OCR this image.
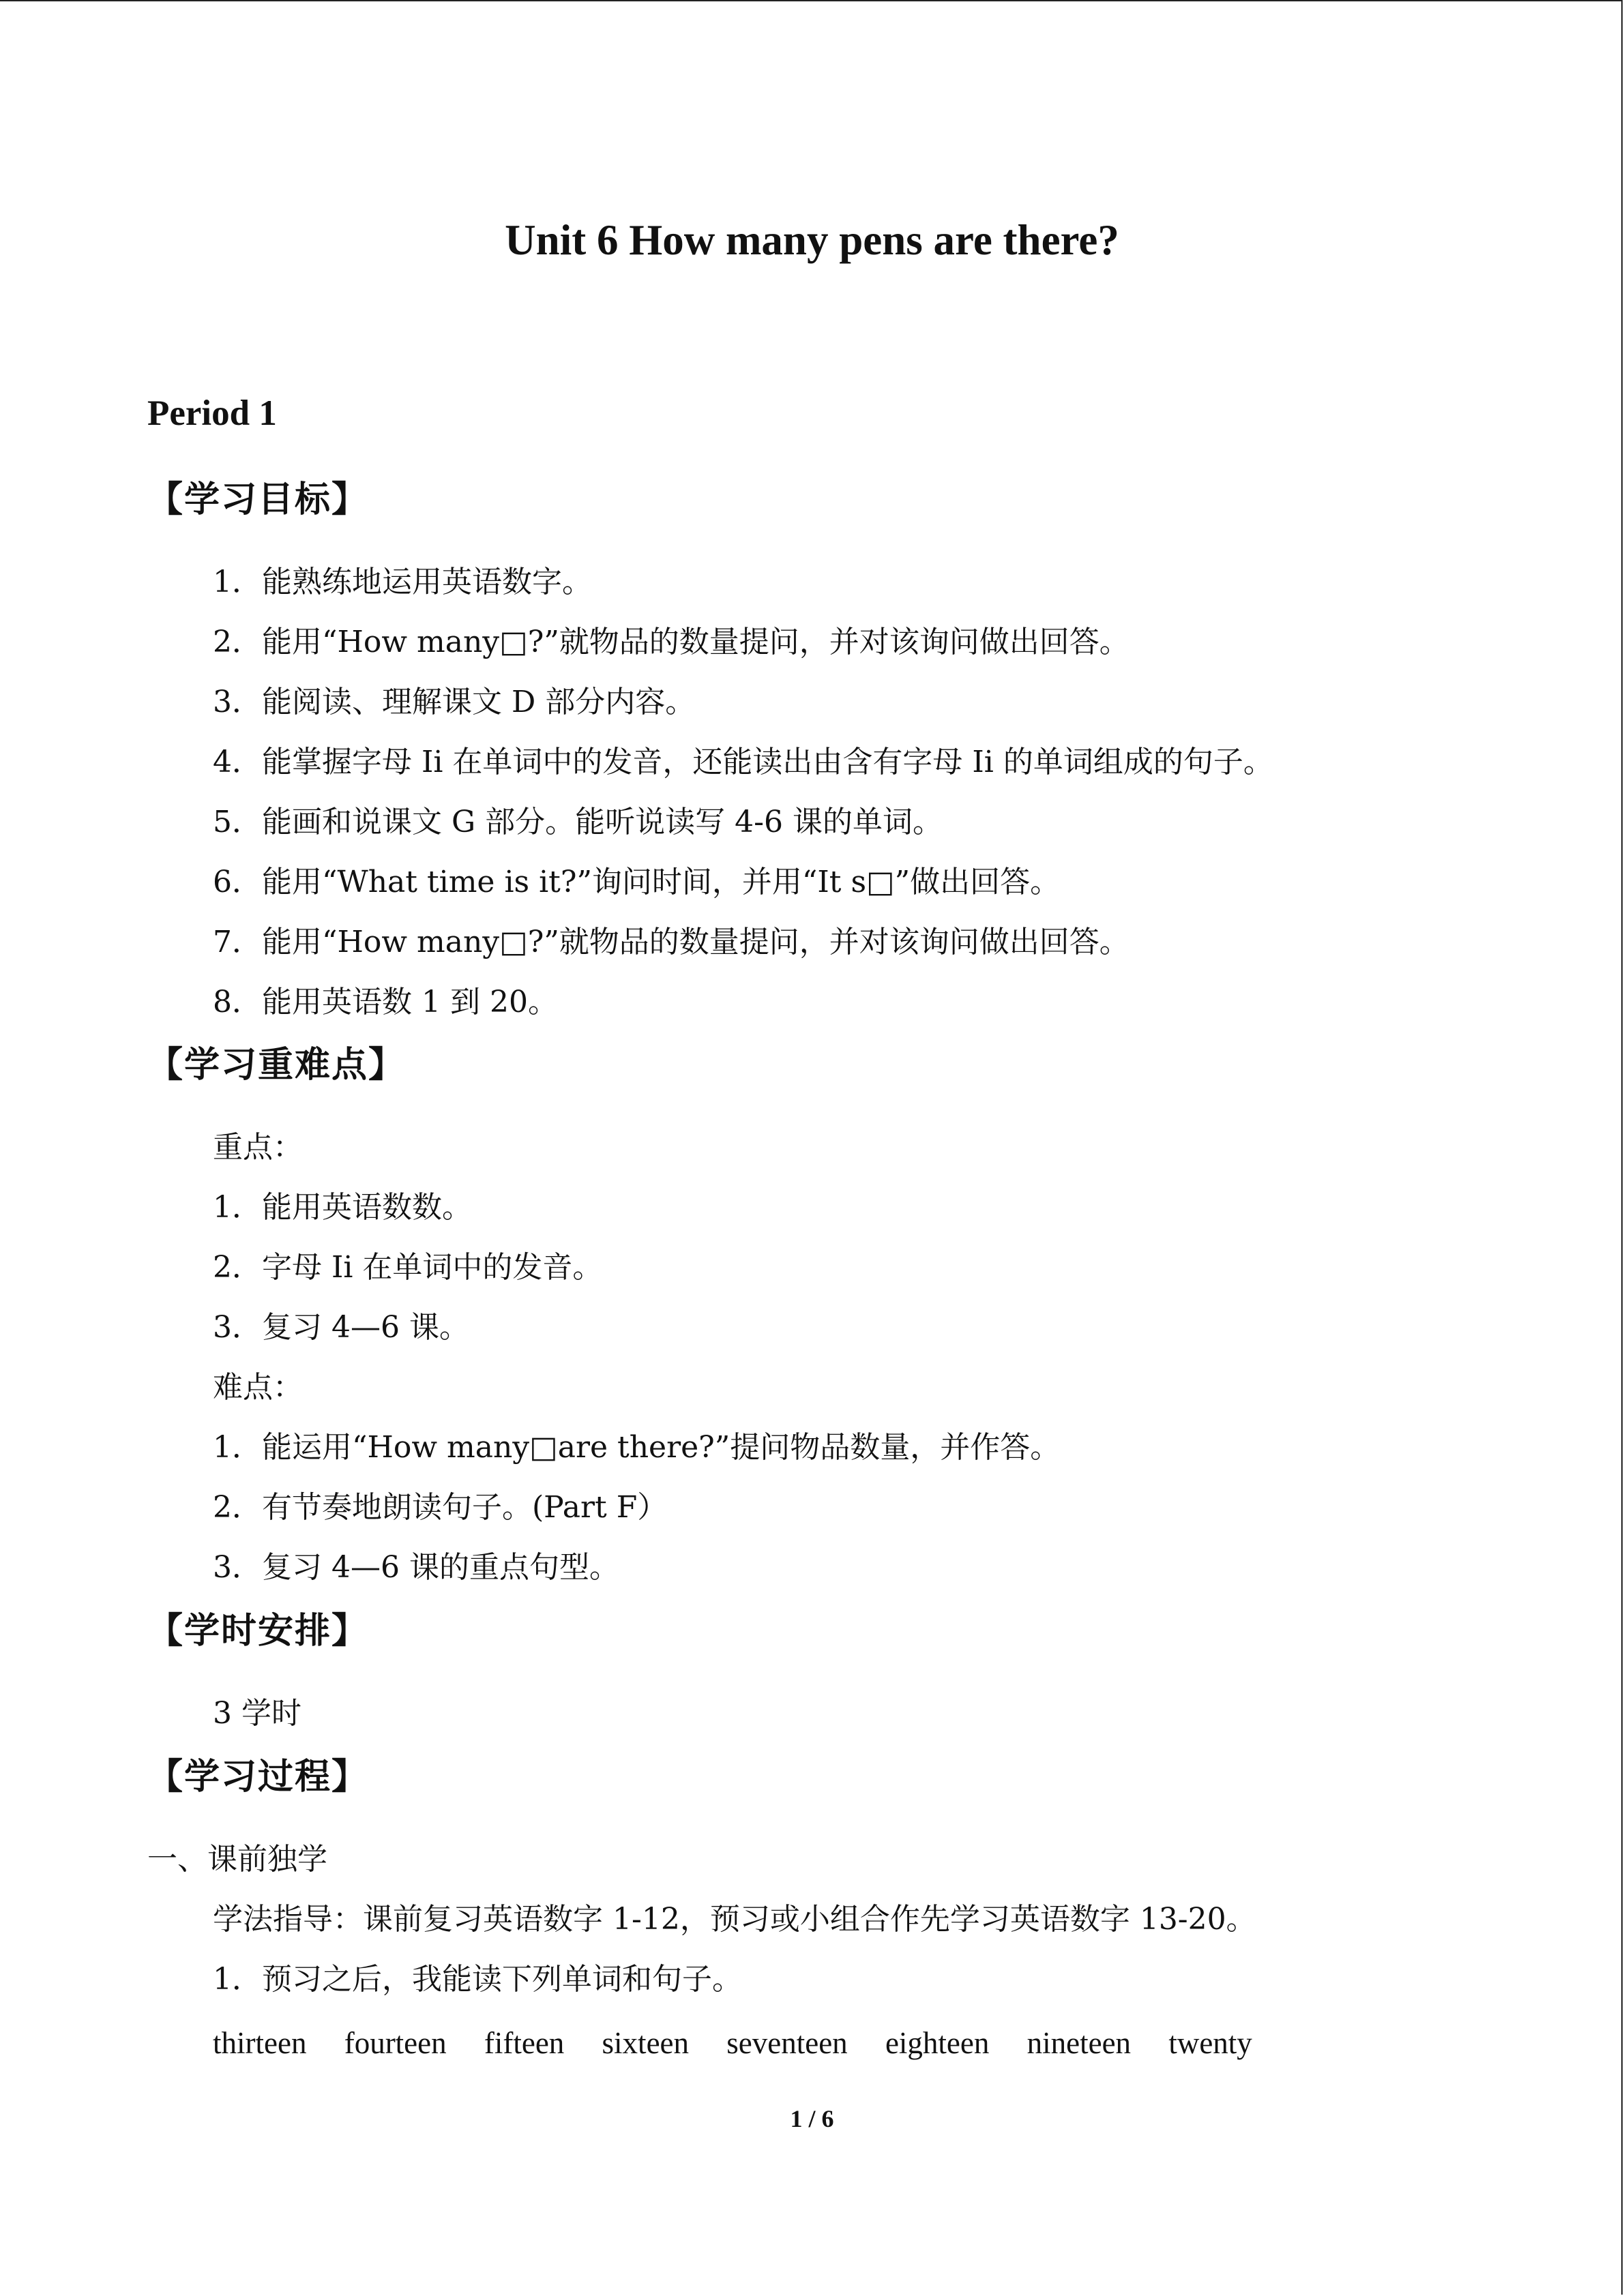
Unit 6 How many pens are there?
Period 1
【学习目标】
1．能熟练地运用英语数字。
2．能用“How many□?”就物品的数量提问，并对该询问做出回答。
3．能阅读、理解课文 D 部分内容。
4．能掌握字母 Ii 在单词中的发音，还能读出由含有字母 Ii 的单词组成的句子。
5．能画和说课文 G 部分。能听说读写 4-6 课的单词。
6．能用“What time is it?”询问时间，并用“It s□”做出回答。
7．能用“How many□?”就物品的数量提问，并对该询问做出回答。
8．能用英语数 1 到 20。
【学习重难点】
重点：
1．能用英语数数。
2．字母 Ii 在单词中的发音。
3．复习 4—6 课。
难点：
1．能运用“How many□are there?”提问物品数量，并作答。
2．有节奏地朗读句子。(Part F）
3．复习 4—6 课的重点句型。
【学时安排】
3 学时
【学习过程】
一、课前独学
学法指导：课前复习英语数字 1-12，预习或小组合作先学习英语数字 13-20。
1．预习之后，我能读下列单词和句子。
thirteen fourteen fifteen sixteen seventeen eighteen nineteen twenty
1 / 6
